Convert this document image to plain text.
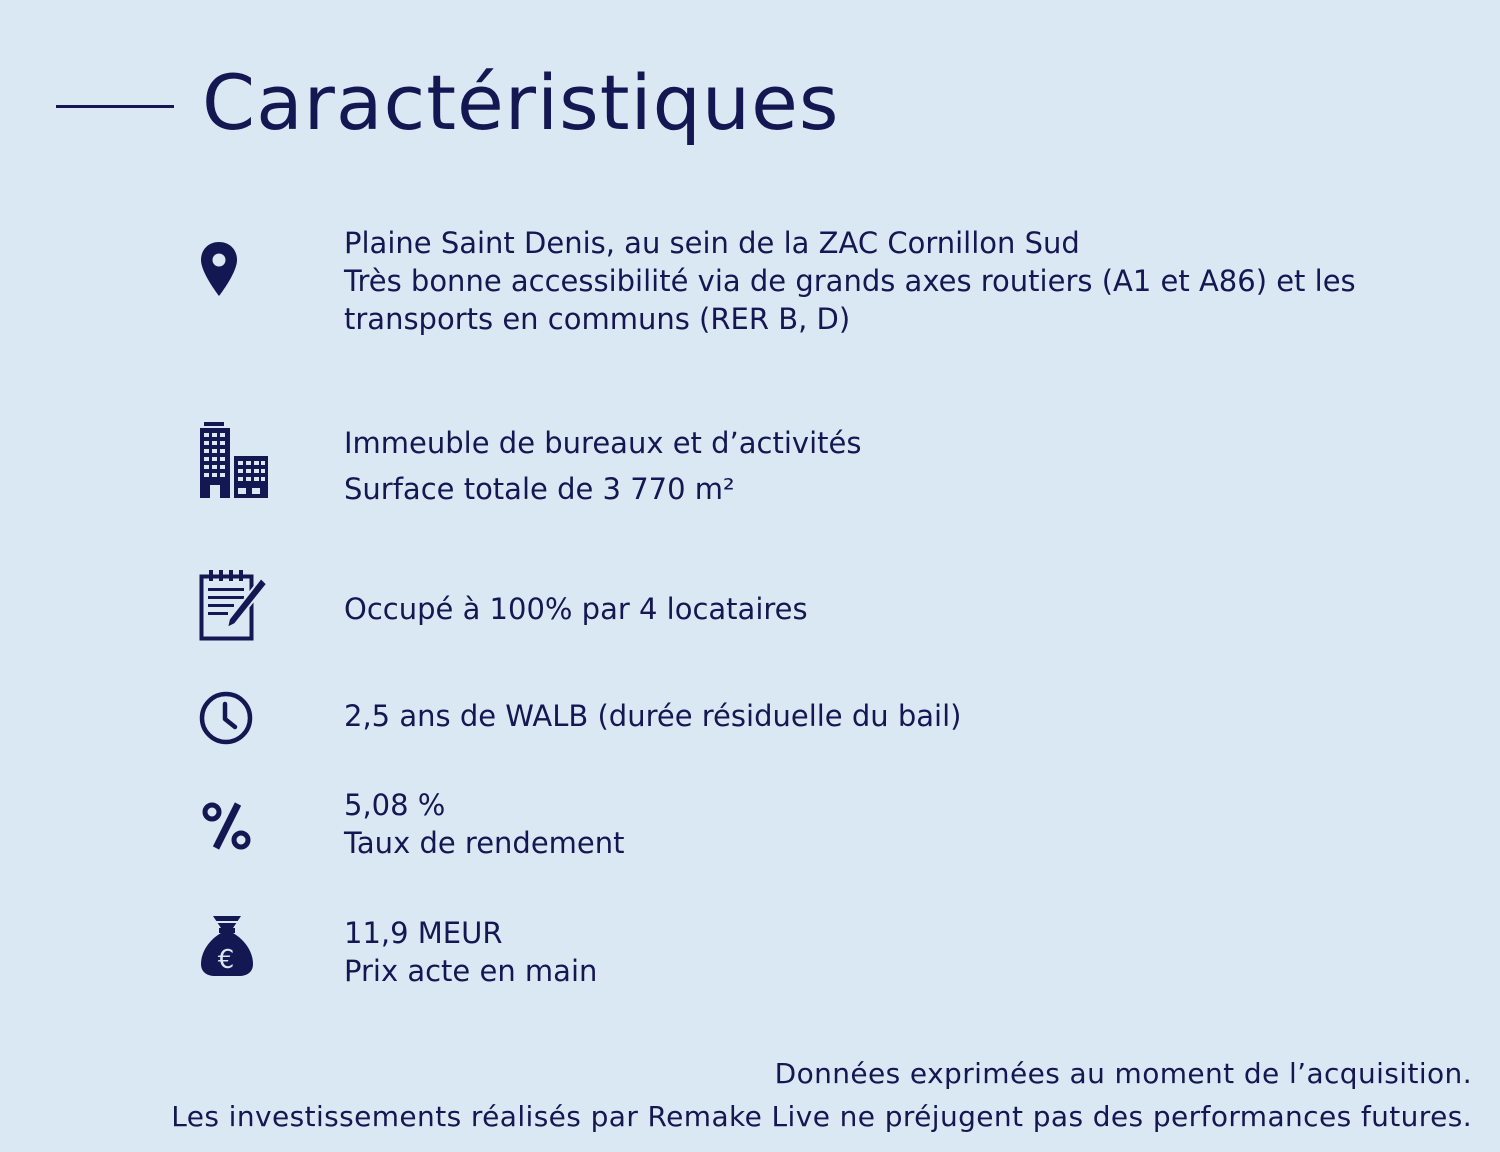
Caractéristiques
Plaine Saint Denis, au sein de la ZAC Cornillon Sud
Très bonne accessibilité via de grands axes routiers (A1 et A86) et les
transports en communs (RER B, D)
Immeuble de bureaux et d’activités
Surface totale de 3 770 m²
Occupé à 100% par 4 locataires
2,5 ans de WALB (durée résiduelle du bail)
5,08 %
Taux de rendement
€
11,9 MEUR
Prix acte en main
Données exprimées au moment de l’acquisition.
Les investissements réalisés par Remake Live ne préjugent pas des performances futures.
